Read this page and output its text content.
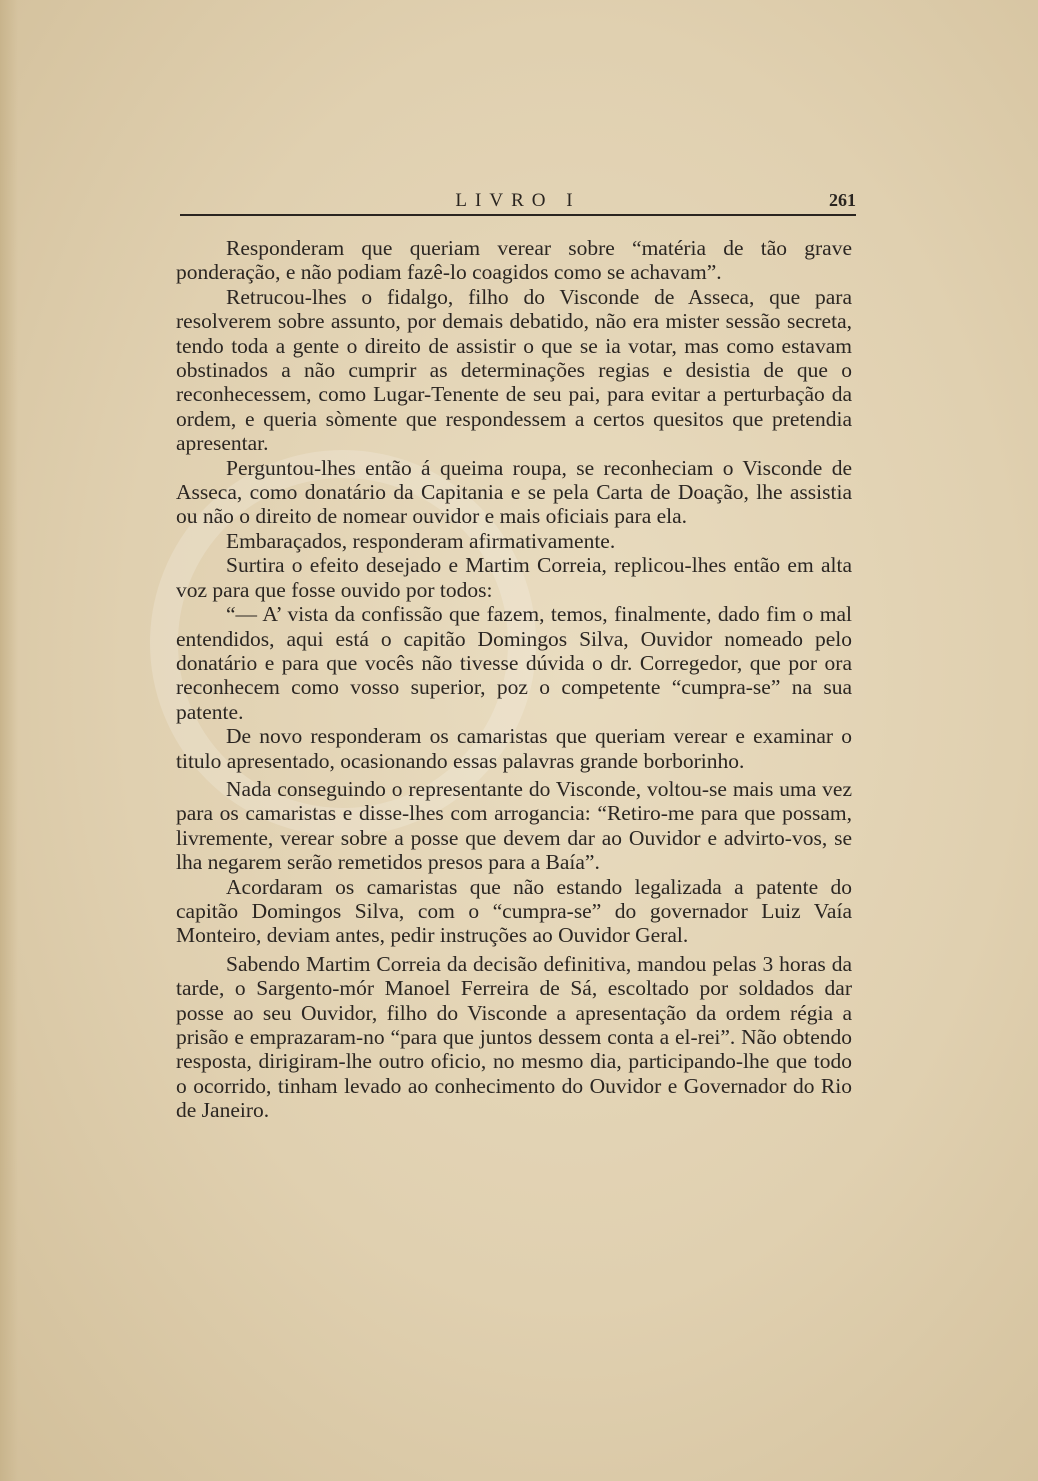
LIVRO I	261

Responderam que queriam verear sobre “matéria de tão grave ponderação, e não podiam fazê-lo coagidos como se achavam”.

Retrucou-lhes o fidalgo, filho do Visconde de Asseca, que para resolverem sobre assunto, por demais debatido, não era mister sessão secreta, tendo toda a gente o direito de assistir o que se ia votar, mas como estavam obstinados a não cumprir as determinações regias e desistia de que o reconhecessem, como Lugar-Tenente de seu pai, para evitar a perturbação da ordem, e queria sòmente que respondessem a certos quesitos que pretendia apresentar.

Perguntou-lhes então á queima roupa, se reconheciam o Visconde de Asseca, como donatário da Capitania e se pela Carta de Doação, lhe assistia ou não o direito de nomear ouvidor e mais oficiais para ela.

Embaraçados, responderam afirmativamente.

Surtira o efeito desejado e Martim Correia, replicou-lhes então em alta voz para que fosse ouvido por todos:

“— A’ vista da confissão que fazem, temos, finalmente, dado fim o mal entendidos, aqui está o capitão Domingos Silva, Ouvidor nomeado pelo donatário e para que vocês não tivesse dúvida o dr. Corregedor, que por ora reconhecem como vosso superior, poz o competente “cumpra-se” na sua patente.

De novo responderam os camaristas que queriam verear e examinar o titulo apresentado, ocasionando essas palavras grande borborinho.

Nada conseguindo o representante do Visconde, voltou-se mais uma vez para os camaristas e disse-lhes com arrogancia: “Retiro-me para que possam, livremente, verear sobre a posse que devem dar ao Ouvidor e advirto-vos, se lha negarem serão remetidos presos para a Baía”.

Acordaram os camaristas que não estando legalizada a patente do capitão Domingos Silva, com o “cumpra-se” do governador Luiz Vaía Monteiro, deviam antes, pedir instruções ao Ouvidor Geral.

Sabendo Martim Correia da decisão definitiva, mandou pelas 3 horas da tarde, o Sargento-mór Manoel Ferreira de Sá, escoltado por soldados dar posse ao seu Ouvidor, filho do Visconde a apresentação da ordem régia a prisão e emprazaram-no “para que juntos dessem conta a el-rei”. Não obtendo resposta, dirigiram-lhe outro oficio, no mesmo dia, participando-lhe que todo o ocorrido, tinham levado ao conhecimento do Ouvidor e Governador do Rio de Janeiro.
